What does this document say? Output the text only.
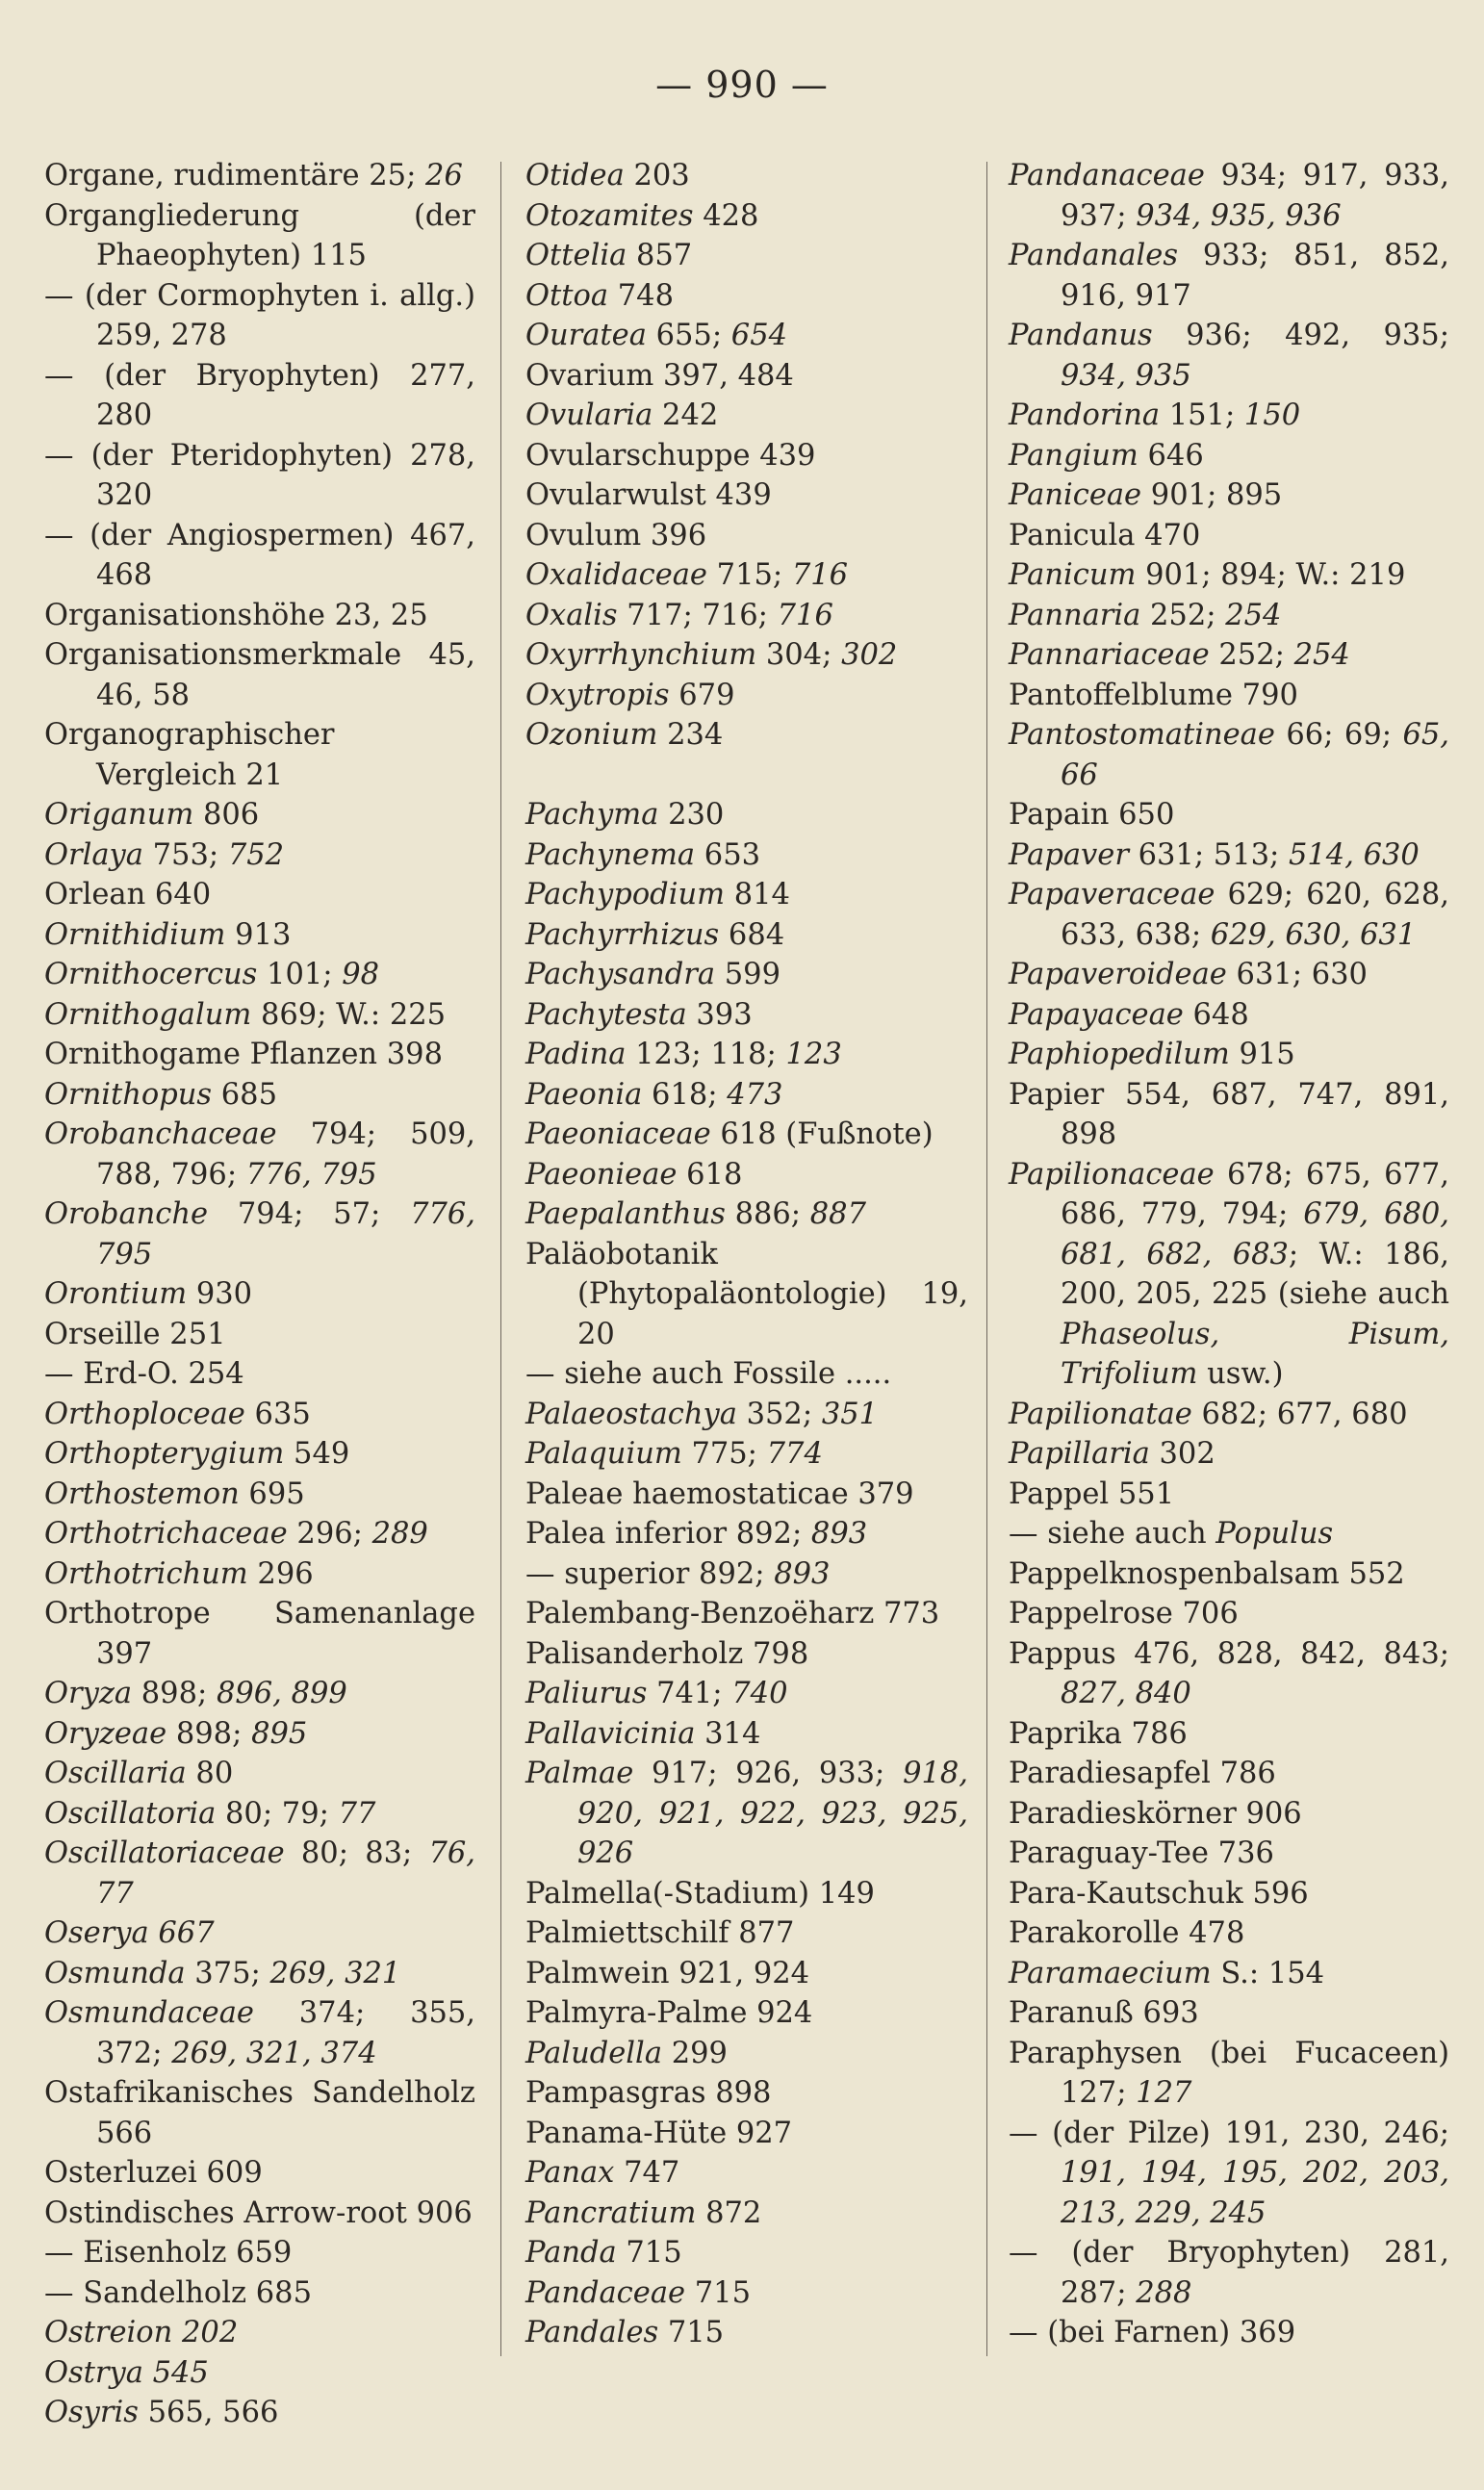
— 990 —
Organe, rudimentäre 25; 26
Organgliederung (der Phaeophyten) 115
— (der Cormophyten i. allg.) 259, 278
— (der Bryophyten) 277, 280
— (der Pteridophyten) 278, 320
— (der Angiospermen) 467, 468
Organisationshöhe 23, 25
Organisationsmerkmale 45, 46, 58
Organographischer Vergleich 21
Origanum 806
Orlaya 753; 752
Orlean 640
Ornithidium 913
Ornithocercus 101; 98
Ornithogalum 869; W.: 225
Ornithogame Pflanzen 398
Ornithopus 685
Orobanchaceae 794; 509, 788, 796; 776, 795
Orobanche 794; 57; 776, 795
Orontium 930
Orseille 251
— Erd-O. 254
Orthoploceae 635
Orthopterygium 549
Orthostemon 695
Orthotrichaceae 296; 289
Orthotrichum 296
Orthotrope Samenanlage 397
Oryza 898; 896, 899
Oryzeae 898; 895
Oscillaria 80
Oscillatoria 80; 79; 77
Oscillatoriaceae 80; 83; 76, 77
Oserya 667
Osmunda 375; 269, 321
Osmundaceae 374; 355, 372; 269, 321, 374
Ostafrikanisches Sandelholz 566
Osterluzei 609
Ostindisches Arrow-root 906
— Eisenholz 659
— Sandelholz 685
Ostreion 202
Ostrya 545
Osyris 565, 566
Otidea 203
Otozamites 428
Ottelia 857
Ottoa 748
Ouratea 655; 654
Ovarium 397, 484
Ovularia 242
Ovularschuppe 439
Ovularwulst 439
Ovulum 396
Oxalidaceae 715; 716
Oxalis 717; 716; 716
Oxyrrhynchium 304; 302
Oxytropis 679
Ozonium 234
Pachyma 230
Pachynema 653
Pachypodium 814
Pachyrrhizus 684
Pachysandra 599
Pachytesta 393
Padina 123; 118; 123
Paeonia 618; 473
Paeoniaceae 618 (Fußnote)
Paeonieae 618
Paepalanthus 886; 887
Paläobotanik (Phytopaläontologie) 19, 20
— siehe auch Fossile .....
Palaeostachya 352; 351
Palaquium 775; 774
Paleae haemostaticae 379
Palea inferior 892; 893
— superior 892; 893
Palembang-Benzoëharz 773
Palisanderholz 798
Paliurus 741; 740
Pallavicinia 314
Palmae 917; 926, 933; 918, 920, 921, 922, 923, 925, 926
Palmella(-Stadium) 149
Palmiettschilf 877
Palmwein 921, 924
Palmyra-Palme 924
Paludella 299
Pampasgras 898
Panama-Hüte 927
Panax 747
Pancratium 872
Panda 715
Pandaceae 715
Pandales 715
Pandanaceae 934; 917, 933, 937; 934, 935, 936
Pandanales 933; 851, 852, 916, 917
Pandanus 936; 492, 935; 934, 935
Pandorina 151; 150
Pangium 646
Paniceae 901; 895
Panicula 470
Panicum 901; 894; W.: 219
Pannaria 252; 254
Pannariaceae 252; 254
Pantoffelblume 790
Pantostomatineae 66; 69; 65, 66
Papain 650
Papaver 631; 513; 514, 630
Papaveraceae 629; 620, 628, 633, 638; 629, 630, 631
Papaveroideae 631; 630
Papayaceae 648
Paphiopedilum 915
Papier 554, 687, 747, 891, 898
Papilionaceae 678; 675, 677, 686, 779, 794; 679, 680, 681, 682, 683; W.: 186, 200, 205, 225 (siehe auch Phaseolus, Pisum, Trifolium usw.)
Papilionatae 682; 677, 680
Papillaria 302
Pappel 551
— siehe auch Populus
Pappelknospenbalsam 552
Pappelrose 706
Pappus 476, 828, 842, 843; 827, 840
Paprika 786
Paradiesapfel 786
Paradieskörner 906
Paraguay-Tee 736
Para-Kautschuk 596
Parakorolle 478
Paramaecium S.: 154
Paranuß 693
Paraphysen (bei Fucaceen) 127; 127
— (der Pilze) 191, 230, 246; 191, 194, 195, 202, 203, 213, 229, 245
— (der Bryophyten) 281, 287; 288
— (bei Farnen) 369
